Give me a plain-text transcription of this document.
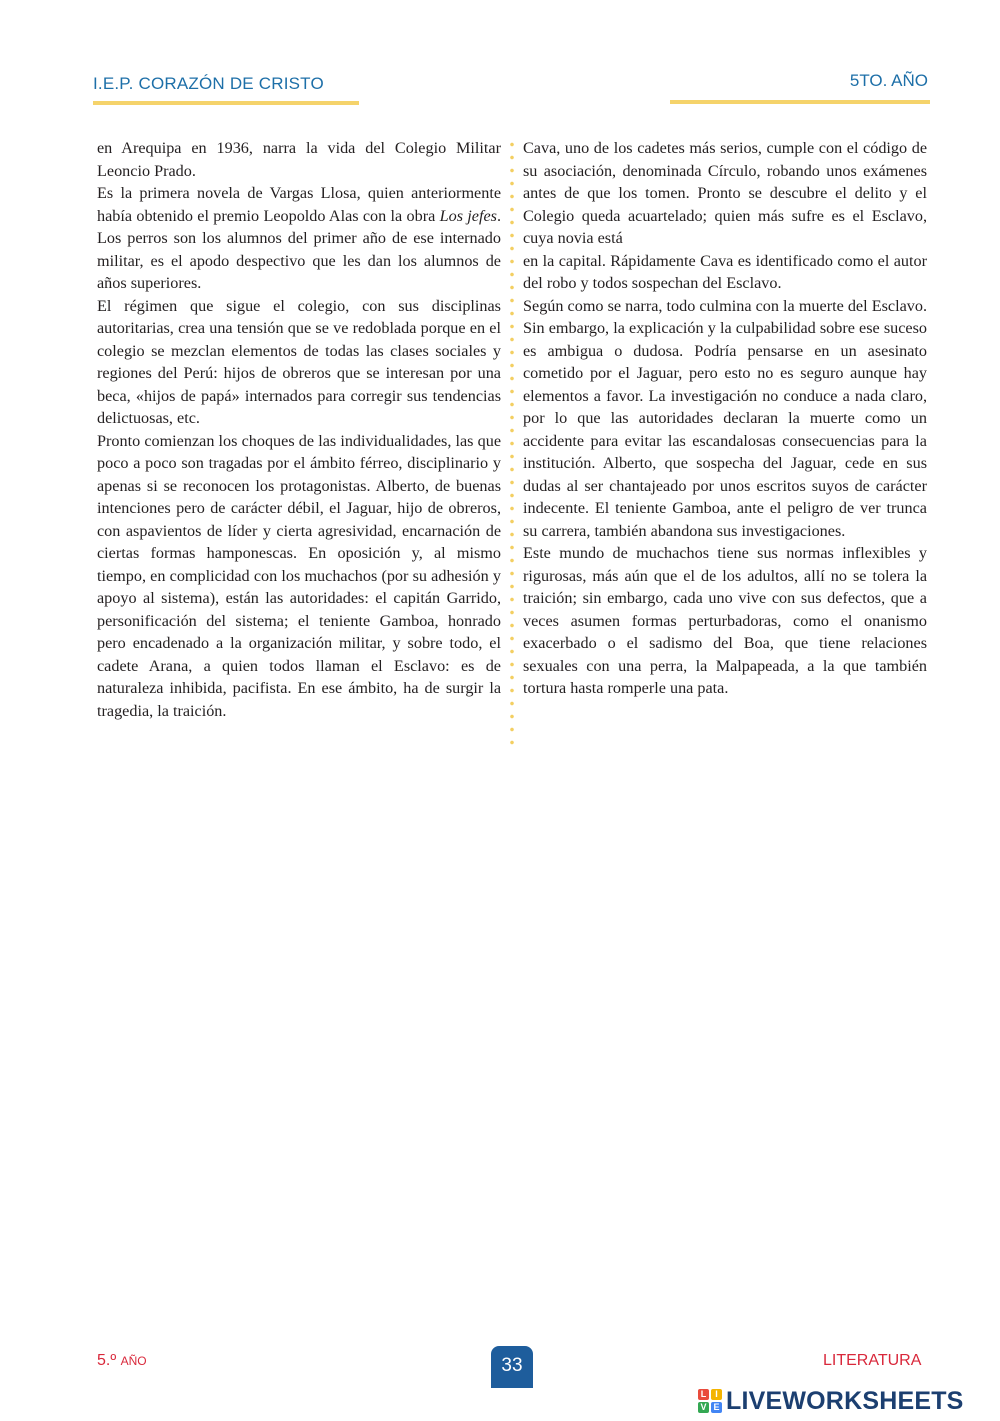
I.E.P. CORAZÓN DE CRISTO	5TO. AÑO

en Arequipa en 1936, narra la vida del Colegio Militar Leoncio Prado.

Es la primera novela de Vargas Llosa, quien anteriormente había obtenido el premio Leopoldo Alas con la obra Los jefes. Los perros son los alumnos del primer año de ese internado militar, es el apodo despectivo que les dan los alumnos de años superiores.

El régimen que sigue el colegio, con sus disciplinas autoritarias, crea una tensión que se ve redoblada porque en el colegio se mezclan elementos de todas las clases sociales y regiones del Perú: hijos de obreros que se interesan por una beca, «hijos de papá» internados para corregir sus tendencias delictuosas, etc.

Pronto comienzan los choques de las individualidades, las que poco a poco son tragadas por el ámbito férreo, disciplinario y apenas si se reconocen los protagonistas. Alberto, de buenas intenciones pero de carácter débil, el Jaguar, hijo de obreros, con aspavientos de líder y cierta agresividad, encarnación de ciertas formas hamponescas. En oposición y, al mismo tiempo, en complicidad con los muchachos (por su adhesión y apoyo al sistema), están las autoridades: el capitán Garrido, personificación del sistema; el teniente Gamboa, honrado pero encadenado a la organización militar, y sobre todo, el cadete Arana, a quien todos llaman el Esclavo: es de naturaleza inhibida, pacifista. En ese ámbito, ha de surgir la tragedia, la traición.

Cava, uno de los cadetes más serios, cumple con el código de su asociación, denominada Círculo, robando unos exámenes antes de que los tomen. Pronto se descubre el delito y el Colegio queda acuartelado; quien más sufre es el Esclavo, cuya novia está

en la capital. Rápidamente Cava es identificado como el autor del robo y todos sospechan del Esclavo.

Según como se narra, todo culmina con la muerte del Esclavo. Sin embargo, la explicación y la culpabilidad sobre ese suceso es ambigua o dudosa. Podría pensarse en un asesinato cometido por el Jaguar, pero esto no es seguro aunque hay elementos a favor. La investigación no conduce a nada claro, por lo que las autoridades declaran la muerte como un accidente para evitar las escandalosas consecuencias para la institución. Alberto, que sospecha del Jaguar, cede en sus dudas al ser chantajeado por unos escritos suyos de carácter indecente. El teniente Gamboa, ante el peligro de ver trunca su carrera, también abandona sus investigaciones.

Este mundo de muchachos tiene sus normas inflexibles y rigurosas, más aún que el de los adultos, allí no se tolera la traición; sin embargo, cada uno vive con sus defectos, que a veces asumen formas perturbadoras, como el onanismo exacerbado o el sadismo del Boa, que tiene relaciones sexuales con una perra, la Malpapeada, a la que también tortura hasta romperle una pata.

5.º AÑO	33	LITERATURA
L I
V E LIVEWORKSHEETS
